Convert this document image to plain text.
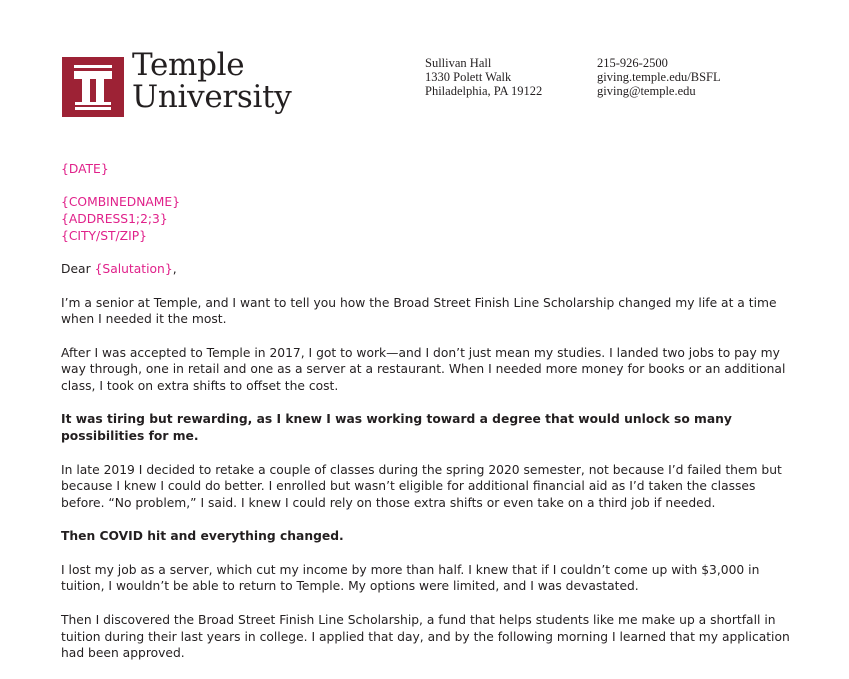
Temple
University
Sullivan Hall
1330 Polett Walk
Philadelphia, PA 19122
215-926-2500
giving.temple.edu/BSFL
giving@temple.edu

{DATE}

{COMBINEDNAME}
{ADDRESS1;2;3}
{CITY/ST/ZIP}

Dear {Salutation},

I’m a senior at Temple, and I want to tell you how the Broad Street Finish Line Scholarship changed my life at a time when I needed it the most.

After I was accepted to Temple in 2017, I got to work—and I don’t just mean my studies. I landed two jobs to pay my way through, one in retail and one as a server at a restaurant. When I needed more money for books or an additional class, I took on extra shifts to offset the cost.

It was tiring but rewarding, as I knew I was working toward a degree that would unlock so many possibilities for me.

In late 2019 I decided to retake a couple of classes during the spring 2020 semester, not because I’d failed them but because I knew I could do better. I enrolled but wasn’t eligible for additional financial aid as I’d taken the classes before. “No problem,” I said. I knew I could rely on those extra shifts or even take on a third job if needed.

Then COVID hit and everything changed.

I lost my job as a server, which cut my income by more than half. I knew that if I couldn’t come up with $3,000 in tuition, I wouldn’t be able to return to Temple. My options were limited, and I was devastated.

Then I discovered the Broad Street Finish Line Scholarship, a fund that helps students like me make up a shortfall in tuition during their last years in college. I applied that day, and by the following morning I learned that my application had been approved.
